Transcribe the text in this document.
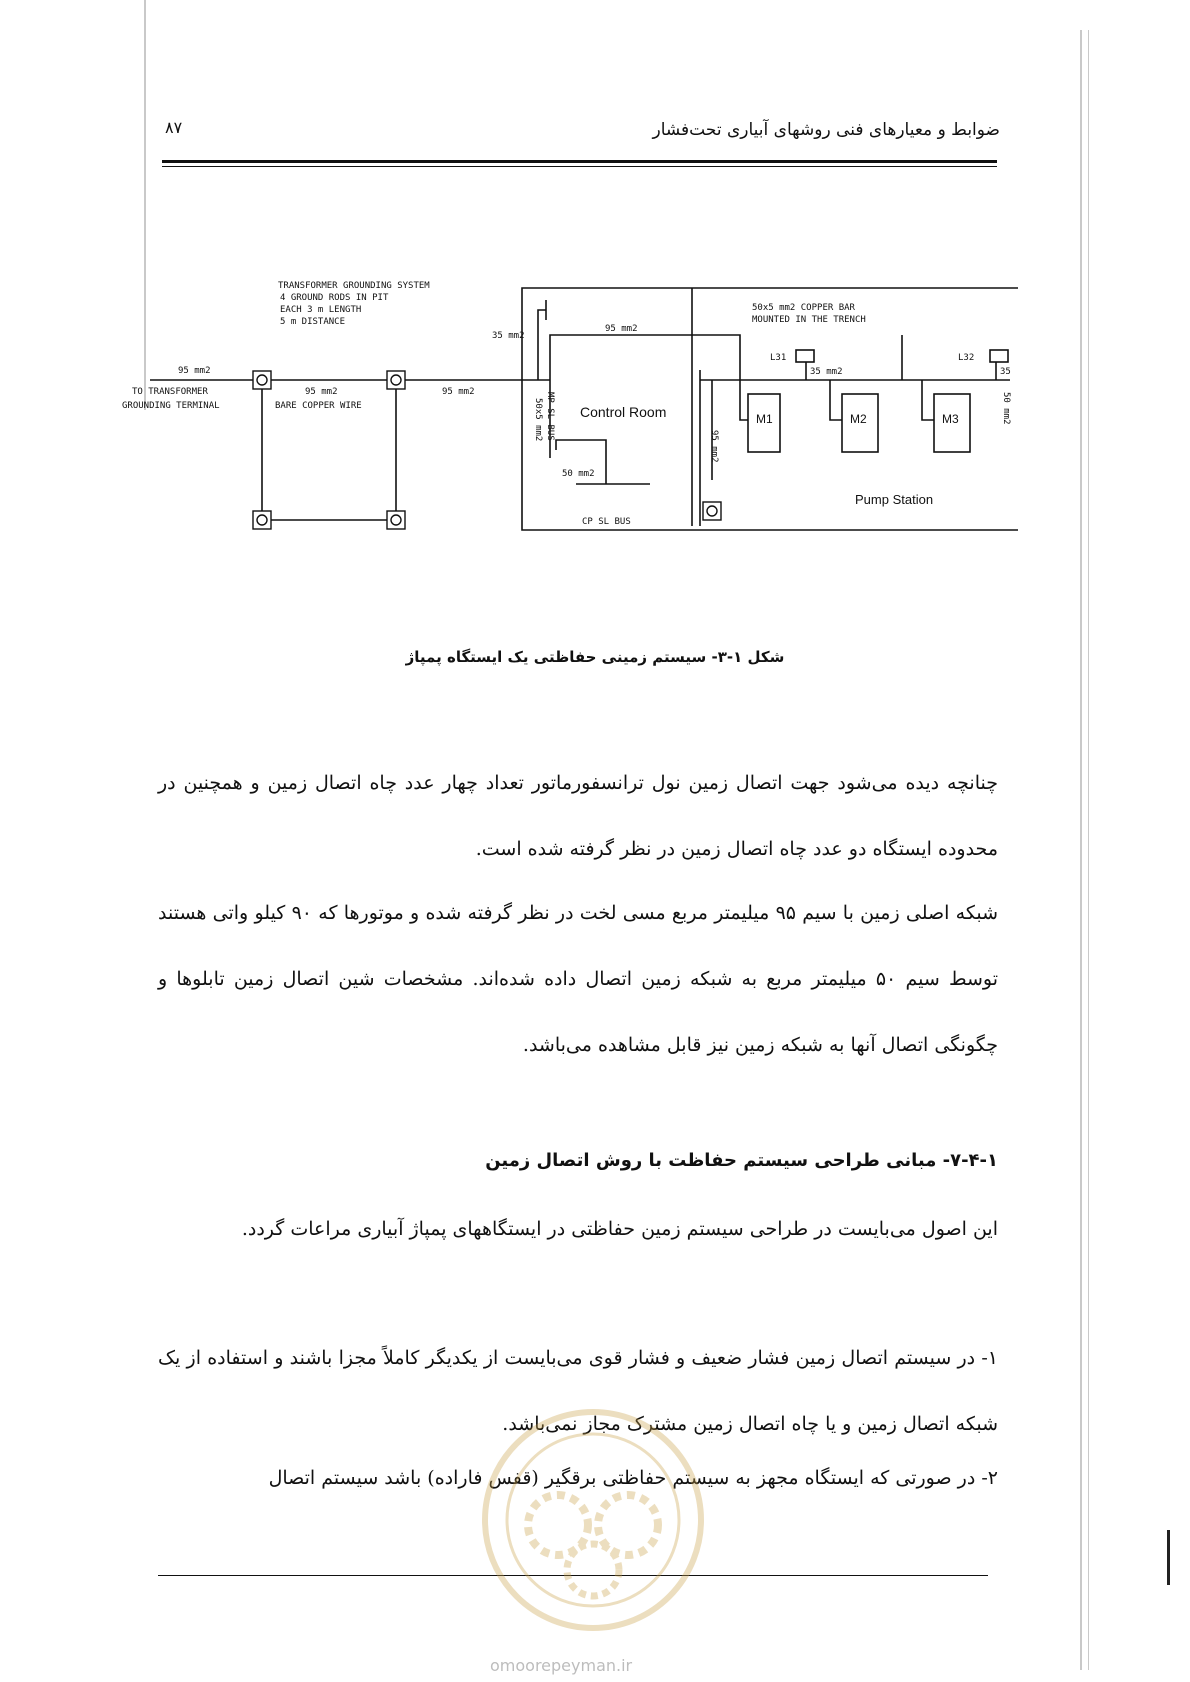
۸۷	ضوابط و معیارهای فنی روشهای آبیاری تحت‌فشار
TRANSFORMER GROUNDING SYSTEM
4 GROUND RODS IN PIT
EACH 3 m LENGTH
5 m DISTANCE
95 mm2
95 mm2
BARE COPPER WIRE
95 mm2
TO TRANSFORMER
GROUNDING TERMINAL
35 mm2
95 mm2
50x5 mm2 COPPER BAR
MOUNTED IN THE TRENCH
L31	L32
35 mm2	35
50x5 mm2 MP SL BUS
50 mm2
CP SL BUS
95 mm2
50 mm2
Control Room	M1	M2	M3
Pump Station
شکل ۱-۳- سیستم زمینی حفاظتی یک ایستگاه پمپاژ

چنانچه دیده می‌شود جهت اتصال زمین نول ترانسفورماتور تعداد چهار عدد چاه اتصال زمین و همچنین در محدوده ایستگاه دو عدد چاه اتصال زمین در نظر گرفته شده است.

شبکه اصلی زمین با سیم ۹۵ میلیمتر مربع مسی لخت در نظر گرفته شده و موتورها که ۹۰ کیلو واتی هستند توسط سیم ۵۰ میلیمتر مربع به شبکه زمین اتصال داده شده‌اند. مشخصات شین اتصال زمین تابلوها و چگونگی اتصال آنها به شبکه زمین نیز قابل مشاهده می‌باشد.

۷-۴-۱- مبانی طراحی سیستم حفاظت با روش اتصال زمین

این اصول می‌بایست در طراحی سیستم زمین حفاظتی در ایستگاههای پمپاژ آبیاری مراعات گردد.

۱- در سیستم اتصال زمین فشار ضعیف و فشار قوی می‌بایست از یکدیگر کاملاً مجزا باشند و استفاده از یک شبکه اتصال زمین و یا چاه اتصال زمین مشترک مجاز نمی‌باشد.

۲- در صورتی که ایستگاه مجهز به سیستم حفاظتی برقگیر (قفس فاراده) باشد سیستم اتصال

omoorepeyman.ir
